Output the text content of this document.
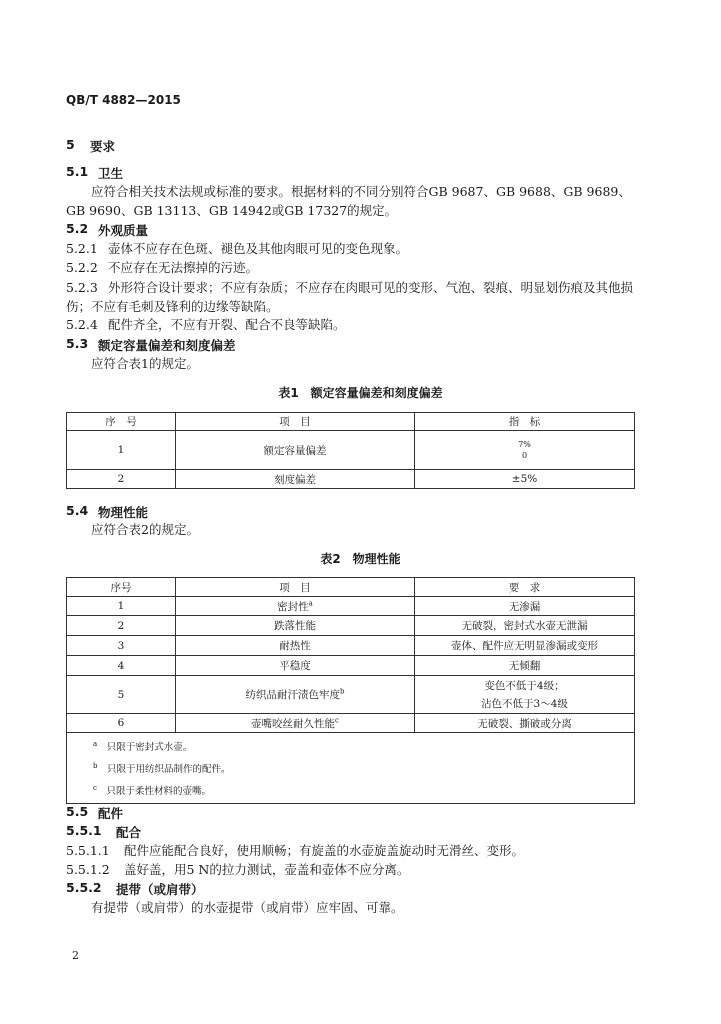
QB/T 4882—2015
5 要求
5.1 卫生
应符合相关技术法规或标准的要求。根据材料的不同分别符合GB 9687、GB 9688、GB 9689、GB 9690、GB 13113、GB 14942或GB 17327的规定。
5.2 外观质量
5.2.1 壶体不应存在色斑、褪色及其他肉眼可见的变色现象。
5.2.2 不应存在无法擦掉的污迹。
5.2.3 外形符合设计要求；不应有杂质；不应存在肉眼可见的变形、气泡、裂痕、明显划伤痕及其他损伤；不应有毛刺及锋利的边缘等缺陷。
5.2.4 配件齐全，不应有开裂、配合不良等缺陷。
5.3 额定容量偏差和刻度偏差
应符合表1的规定。
表1　额定容量偏差和刻度偏差
序　号	项　目	指　标
1	额定容量偏差	7%
0

2	刻度偏差	±5%
5.4 物理性能
应符合表2的规定。
表2　物理性能
序号	项　目	要　求
1	密封性$^a$	无渗漏
2	跌落性能	无破裂，密封式水壶无泄漏
3	耐热性	壶体、配件应无明显渗漏或变形
4	平稳度	无倾翻
5	纺织品耐汗渍色牢度$^b$	变色不低于4级；
沾色不低于3～4级

6	壶嘴咬丝耐久性能$^c$	无破裂、撕破或分离

$^a$　 只限于密封式水壶。
$^b$　 只限于用纺织品制作的配件。
$^c$　 只限于柔性材料的壶嘴。		
5.5 配件
5.5.1 配合
5.5.1.1 配件应能配合良好，使用顺畅；有旋盖的水壶旋盖旋动时无滑丝、变形。
5.5.1.2 盖好盖，用5 N的拉力测试，壶盖和壶体不应分离。
5.5.2 提带（或肩带）
有提带（或肩带）的水壶提带（或肩带）应牢固、可靠。
2
